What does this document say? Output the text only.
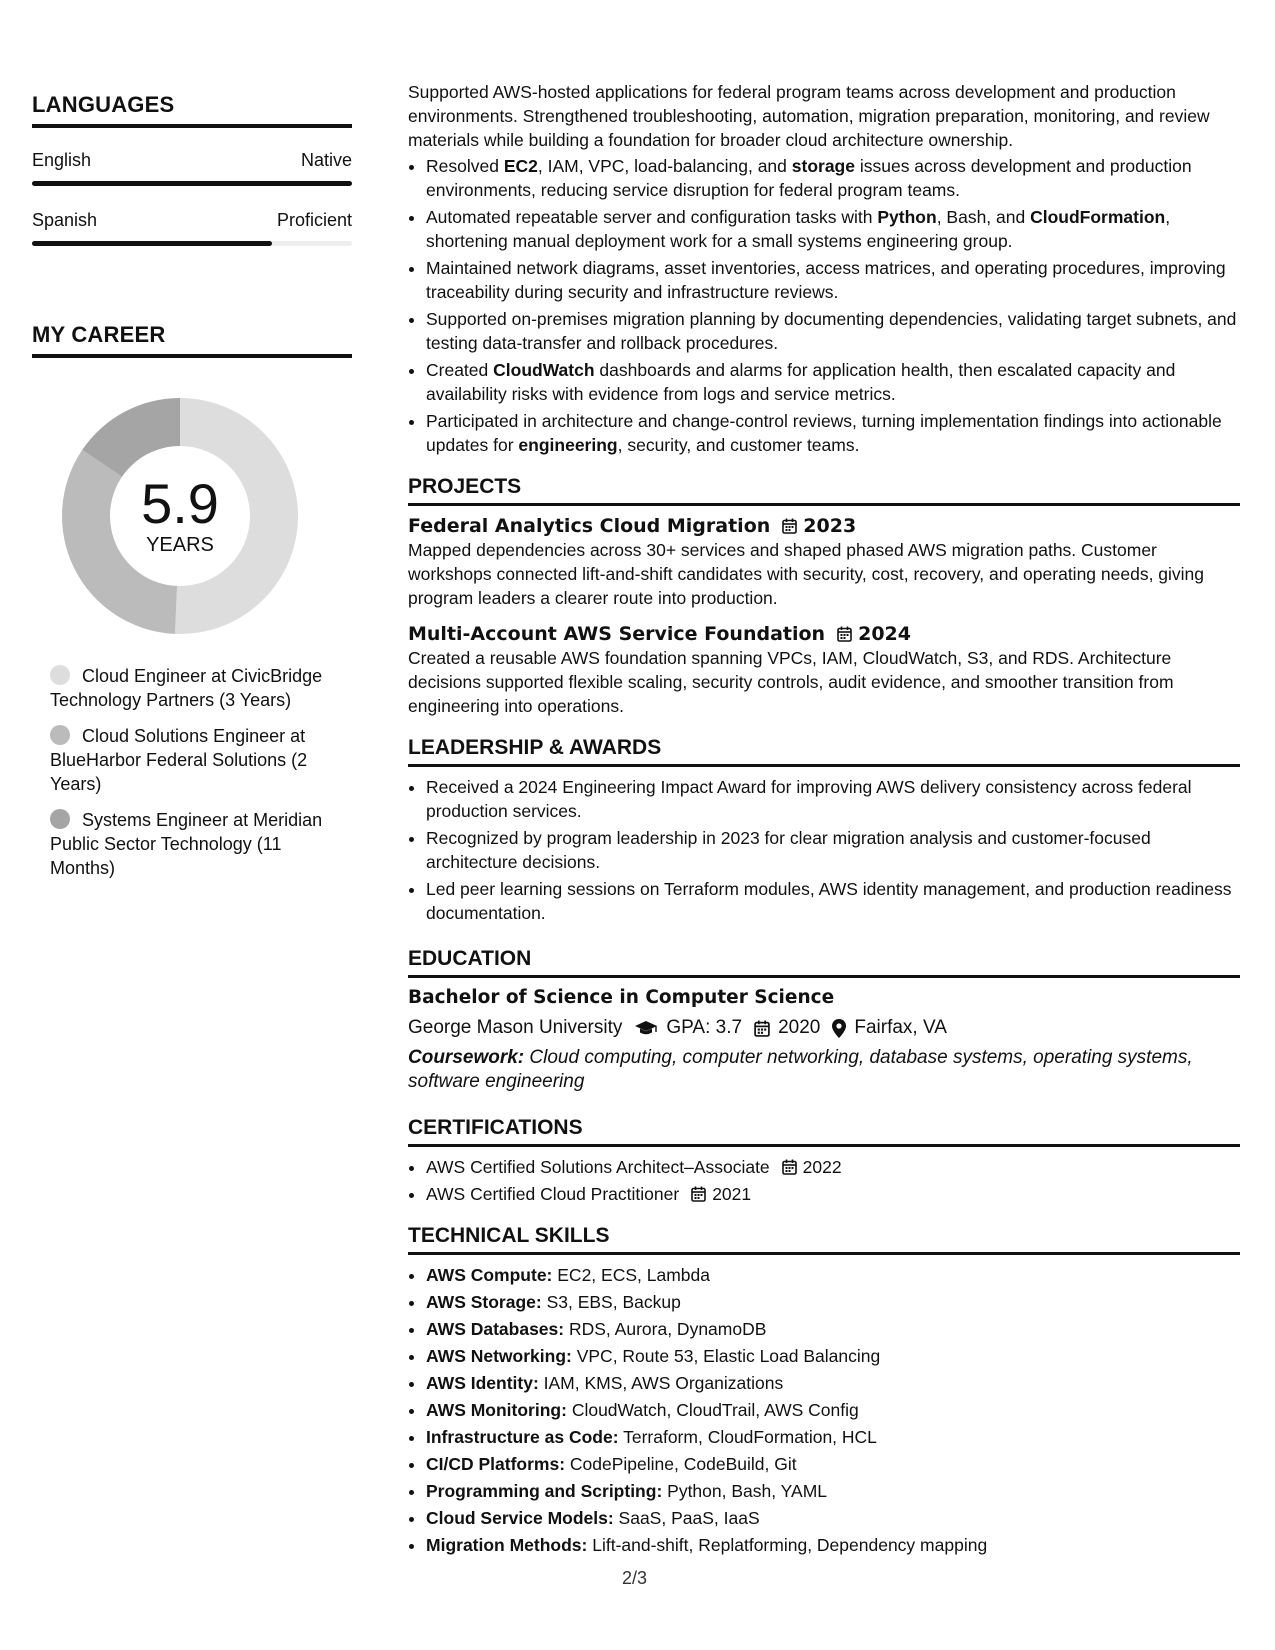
LANGUAGES
English	Native
Spanish	Proficient
MY CAREER
5.9
YEARS
Cloud Engineer at CivicBridge Technology Partners (3 Years)
Cloud Solutions Engineer at BlueHarbor Federal Solutions (2 Years)
Systems Engineer at Meridian Public Sector Technology (11 Months)

Supported AWS-hosted applications for federal program teams across development and production environments. Strengthened troubleshooting, automation, migration preparation, monitoring, and review materials while building a foundation for broader cloud architecture ownership.

• Resolved EC2, IAM, VPC, load-balancing, and storage issues across development and production environments, reducing service disruption for federal program teams.
• Automated repeatable server and configuration tasks with Python, Bash, and CloudFormation, shortening manual deployment work for a small systems engineering group.
• Maintained network diagrams, asset inventories, access matrices, and operating procedures, improving traceability during security and infrastructure reviews.
• Supported on-premises migration planning by documenting dependencies, validating target subnets, and testing data-transfer and rollback procedures.
• Created CloudWatch dashboards and alarms for application health, then escalated capacity and availability risks with evidence from logs and service metrics.
• Participated in architecture and change-control reviews, turning implementation findings into actionable updates for engineering, security, and customer teams.
PROJECTS
Federal Analytics Cloud Migration 2023

Mapped dependencies across 30+ services and shaped phased AWS migration paths. Customer workshops connected lift-and-shift candidates with security, cost, recovery, and operating needs, giving program leaders a clearer route into production.

Multi-Account AWS Service Foundation 2024

Created a reusable AWS foundation spanning VPCs, IAM, CloudWatch, S3, and RDS. Architecture decisions supported flexible scaling, security controls, audit evidence, and smoother transition from engineering into operations.

LEADERSHIP & AWARDS
• Received a 2024 Engineering Impact Award for improving AWS delivery consistency across federal production services.
• Recognized by program leadership in 2023 for clear migration analysis and customer-focused architecture decisions.
• Led peer learning sessions on Terraform modules, AWS identity management, and production readiness documentation.
EDUCATION
Bachelor of Science in Computer Science
George Mason University GPA: 3.7 2020 Fairfax, VA
Coursework: Cloud computing, computer networking, database systems, operating systems, software engineering
CERTIFICATIONS
• AWS Certified Solutions Architect–Associate 2022
• AWS Certified Cloud Practitioner 2021
TECHNICAL SKILLS
• AWS Compute: EC2, ECS, Lambda
• AWS Storage: S3, EBS, Backup
• AWS Databases: RDS, Aurora, DynamoDB
• AWS Networking: VPC, Route 53, Elastic Load Balancing
• AWS Identity: IAM, KMS, AWS Organizations
• AWS Monitoring: CloudWatch, CloudTrail, AWS Config
• Infrastructure as Code: Terraform, CloudFormation, HCL
• CI/CD Platforms: CodePipeline, CodeBuild, Git
• Programming and Scripting: Python, Bash, YAML
• Cloud Service Models: SaaS, PaaS, IaaS
• Migration Methods: Lift-and-shift, Replatforming, Dependency mapping
2/3
